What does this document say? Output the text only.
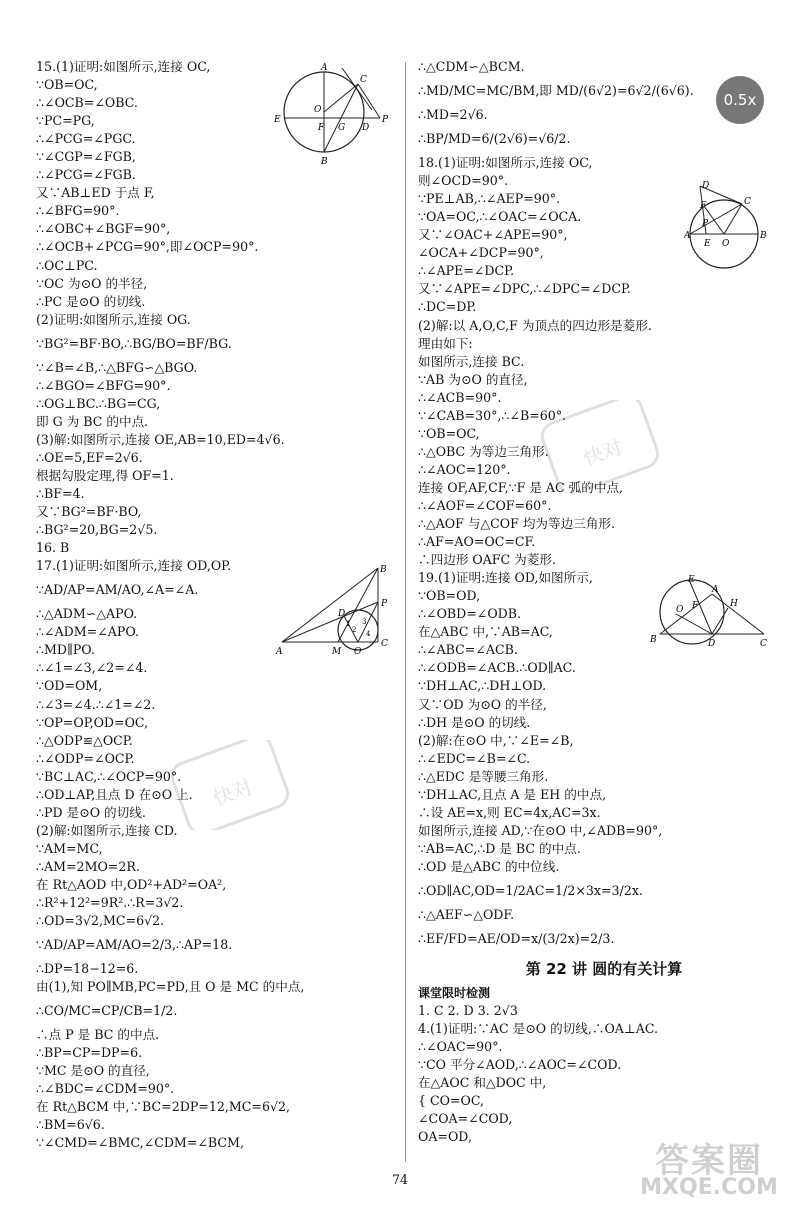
15.(1)证明:如图所示,连接 OC,
∵OB=OC,
∴∠OCB=∠OBC.
∵PC=PG,
∴∠PCG=∠PGC.
∵∠CGP=∠FGB,
∴∠PCG=∠FGB.
又∵AB⊥ED 于点 F,
∴∠BFG=90°.
∴∠OBC+∠BGF=90°,
∴∠OCB+∠PCG=90°,即∠OCP=90°.
∴OC⊥PC.
∵OC 为⊙O 的半径,
∴PC 是⊙O 的切线.
(2)证明:如图所示,连接 OG.
∵BG²=BF·BO,∴BG/BO=BF/BG.
∵∠B=∠B,∴△BFG∽△BGO.
∴∠BGO=∠BFG=90°.
∴OG⊥BC.∴BG=CG,
即 G 为 BC 的中点.
(3)解:如图所示,连接 OE,AB=10,ED=4√6.
∴OE=5,EF=2√6.
根据勾股定理,得 OF=1.
∴BF=4.
又∵BG²=BF·BO,
∴BG²=20,BG=2√5.
16. B
17.(1)证明:如图所示,连接 OD,OP.
∵AD/AP=AM/AO,∠A=∠A.
∴△ADM∽△APO.
∴∠ADM=∠APO.
∴MD∥PO.
∴∠1=∠3,∠2=∠4.
∵OD=OM,
∴∠3=∠4.∴∠1=∠2.
∵OP=OP,OD=OC,
∴△ODP≌△OCP.
∴∠ODP=∠OCP.
∵BC⊥AC,∴∠OCP=90°.
∴OD⊥AP,且点 D 在⊙O 上.
∴PD 是⊙O 的切线.
(2)解:如图所示,连接 CD.
∵AM=MC,
∴AM=2MO=2R.
在 Rt△AOD 中,OD²+AD²=OA²,
∴R²+12²=9R².∴R=3√2.
∴OD=3√2,MC=6√2.
∵AD/AP=AM/AO=2/3,∴AP=18.
∴DP=18−12=6.
由(1),知 PO∥MB,PC=PD,且 O 是 MC 的中点,
∴CO/MC=CP/CB=1/2.
∴点 P 是 BC 的中点.
∴BP=CP=DP=6.
∵MC 是⊙O 的直径,
∴∠BDC=∠CDM=90°.
在 Rt△BCM 中,∵BC=2DP=12,MC=6√2,
∴BM=6√6.
∵∠CMD=∠BMC,∠CDM=∠BCM,
∴△CDM∽△BCM.
∴MD/MC=MC/BM,即 MD/(6√2)=6√2/(6√6).
∴MD=2√6.
∴BP/MD=6/(2√6)=√6/2.
18.(1)证明:如图所示,连接 OC,
则∠OCD=90°.
∵PE⊥AB,∴∠AEP=90°.
∵OA=OC,∴∠OAC=∠OCA.
又∵∠OAC+∠APE=90°,
∠OCA+∠DCP=90°,
∴∠APE=∠DCP.
又∵∠APE=∠DPC,∴∠DPC=∠DCP.
∴DC=DP.
(2)解:以 A,O,C,F 为顶点的四边形是菱形.
理由如下:
如图所示,连接 BC.
∵AB 为⊙O 的直径,
∴∠ACB=90°.
∵∠CAB=30°,∴∠B=60°.
∵OB=OC,
∴△OBC 为等边三角形.
∴∠AOC=120°.
连接 OF,AF,CF,∵F 是 AC 弧的中点,
∴∠AOF=∠COF=60°.
∴△AOF 与△COF 均为等边三角形.
∴AF=AO=OC=CF.
∴四边形 OAFC 为菱形.
19.(1)证明:连接 OD,如图所示,
∵OB=OD,
∴∠OBD=∠ODB.
在△ABC 中,∵AB=AC,
∴∠ABC=∠ACB.
∴∠ODB=∠ACB.∴OD∥AC.
∵DH⊥AC,∴DH⊥OD.
又∵OD 为⊙O 的半径,
∴DH 是⊙O 的切线.
(2)解:在⊙O 中,∵∠E=∠B,
∴∠EDC=∠B=∠C.
∴△EDC 是等腰三角形.
∵DH⊥AC,且点 A 是 EH 的中点,
∴设 AE=x,则 EC=4x,AC=3x.
如图所示,连接 AD,∵在⊙O 中,∠ADB=90°,
∵AB=AC,∴D 是 BC 的中点.
∴OD 是△ABC 的中位线.
∴OD∥AC,OD=1/2AC=1/2×3x=3/2x.
∴△AEF∽△ODF.
∴EF/FD=AE/OD=x/(3/2x)=2/3.
第 22 讲 圆的有关计算
课堂限时检测
1. C 2. D 3. 2√3
4.(1)证明:∵AC 是⊙O 的切线,∴OA⊥AC.
∴∠OAC=90°.
∵CO 平分∠AOD,∴∠AOC=∠COD.
在△AOC 和△DOC 中,
{ CO=OC,
∠COA=∠COD,
OA=OD,
0.5x
A
C
O
E
F G D
P
B
B
D
P
A	M O
C
1
2
3
4
D
F
P
C
A
E O
B
E
A
F	H
O
B	D	C
快对
快对
74	答案圈
MXQE.COM
